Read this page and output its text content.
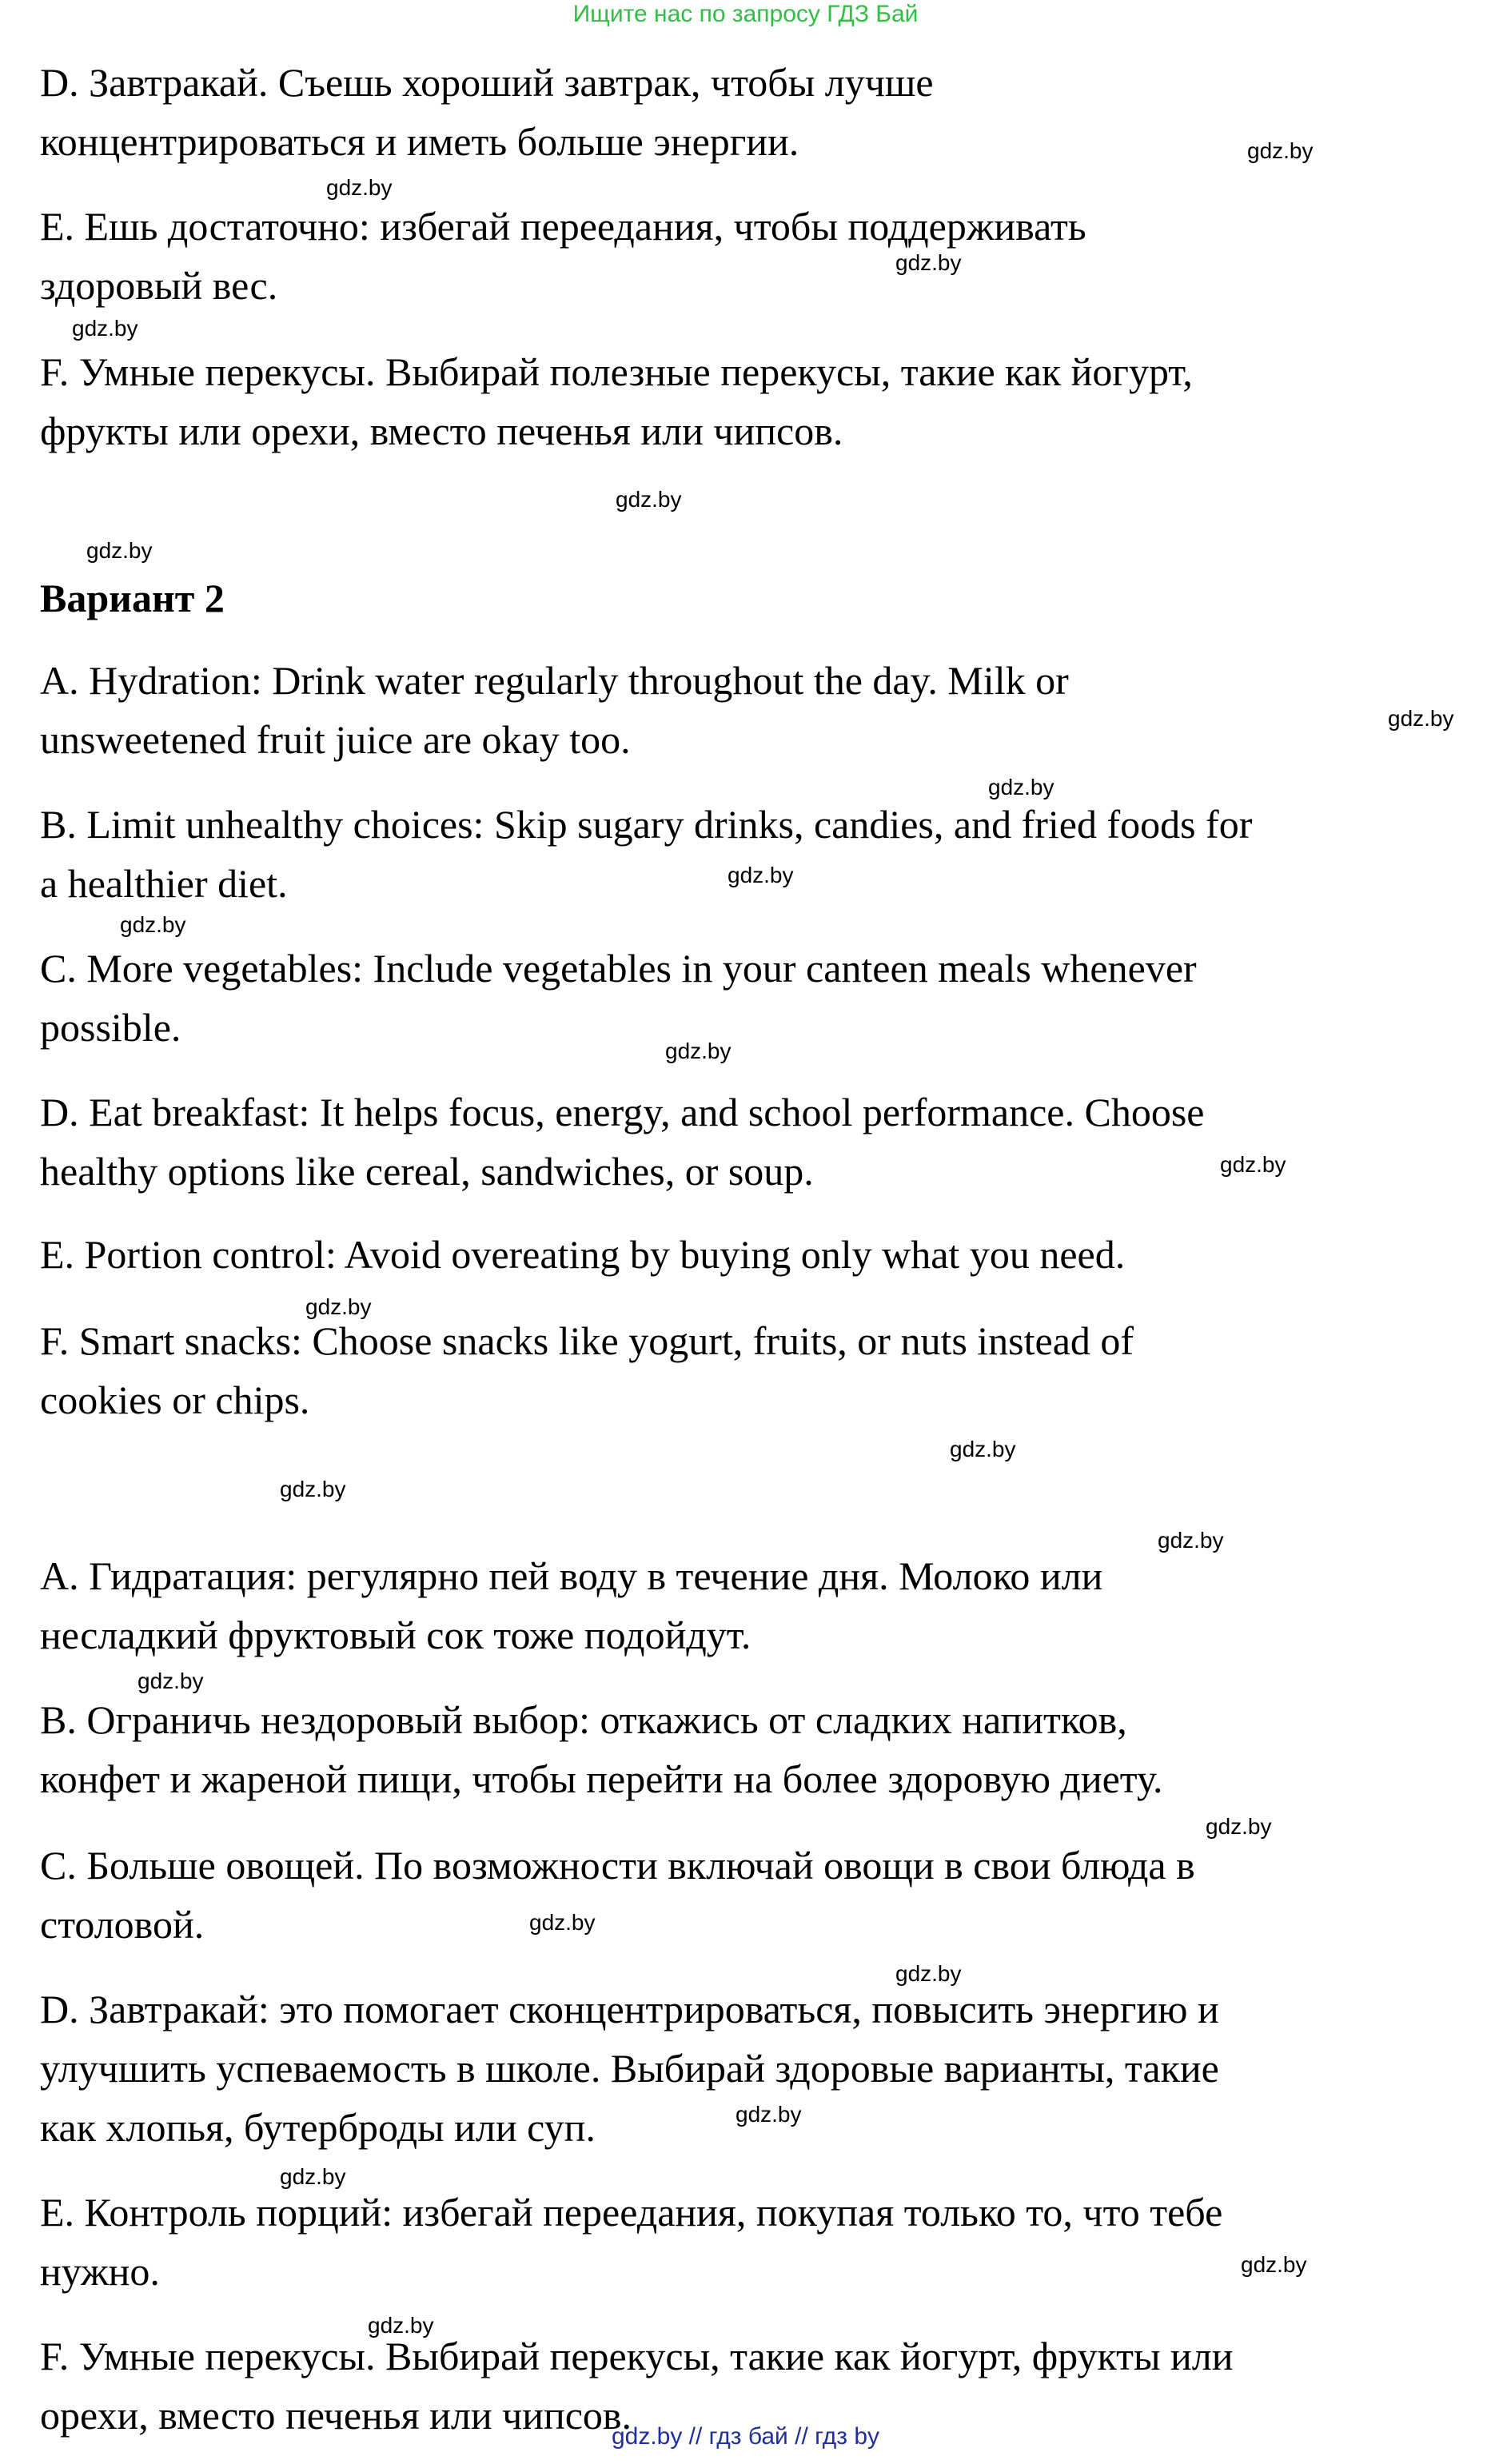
Ищите нас по запросу ГДЗ Бай
D. Завтракай. Съешь хороший завтрак, чтобы лучше
концентрироваться и иметь больше энергии.
E. Ешь достаточно: избегай переедания, чтобы поддерживать
здоровый вес.
F. Умные перекусы. Выбирай полезные перекусы, такие как йогурт,
фрукты или орехи, вместо печенья или чипсов.
Вариант 2
A. Hydration: Drink water regularly throughout the day. Milk or
unsweetened fruit juice are okay too.
B. Limit unhealthy choices: Skip sugary drinks, candies, and fried foods for
a healthier diet.
C. More vegetables: Include vegetables in your canteen meals whenever
possible.
D. Eat breakfast: It helps focus, energy, and school performance. Choose
healthy options like cereal, sandwiches, or soup.
E. Portion control: Avoid overeating by buying only what you need.
F. Smart snacks: Choose snacks like yogurt, fruits, or nuts instead of
cookies or chips.
А. Гидратация: регулярно пей воду в течение дня. Молоко или
несладкий фруктовый сок тоже подойдут.
В. Ограничь нездоровый выбор: откажись от сладких напитков,
конфет и жареной пищи, чтобы перейти на более здоровую диету.
С. Больше овощей. По возможности включай овощи в свои блюда в
столовой.
D. Завтракай: это помогает сконцентрироваться, повысить энергию и
улучшить успеваемость в школе. Выбирай здоровые варианты, такие
как хлопья, бутерброды или суп.
Е. Контроль порций: избегай переедания, покупая только то, что тебе
нужно.
F. Умные перекусы. Выбирай перекусы, такие как йогурт, фрукты или
орехи, вместо печенья или чипсов.
gdz.by
gdz.by
gdz.by
gdz.by
gdz.by
gdz.by
gdz.by
gdz.by
gdz.by
gdz.by
gdz.by
gdz.by
gdz.by
gdz.by
gdz.by
gdz.by
gdz.by
gdz.by
gdz.by
gdz.by
gdz.by
gdz.by
gdz.by
gdz.by
gdz.by // гдз бай // гдз by
